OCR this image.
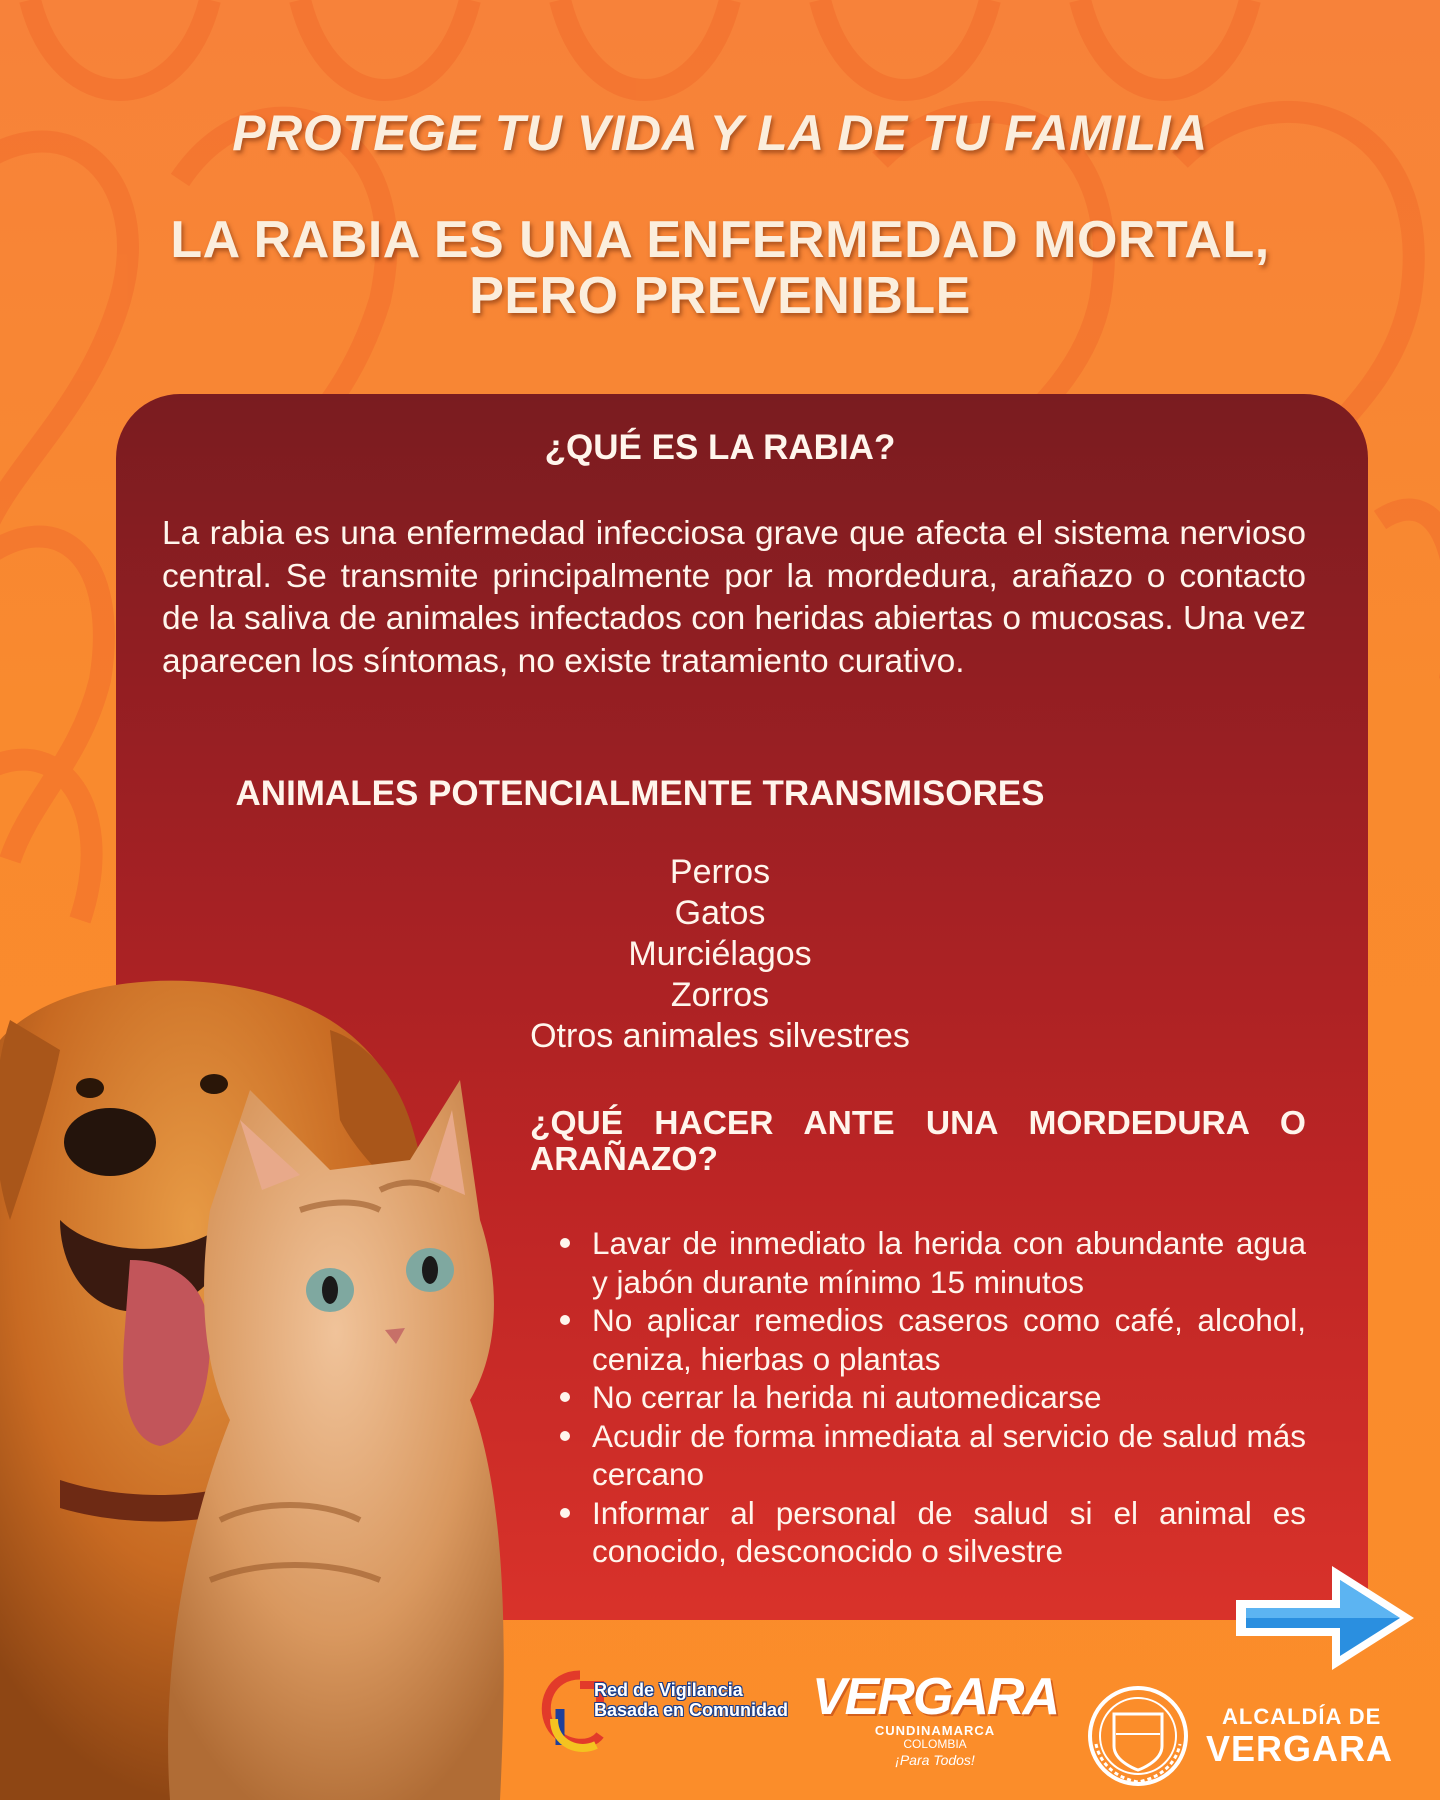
PROTEGE TU VIDA Y LA DE TU FAMILIA
LA RABIA ES UNA ENFERMEDAD MORTAL,
PERO PREVENIBLE
¿QUÉ ES LA RABIA?
La rabia es una enfermedad infecciosa grave que afecta el sistema nervioso central. Se transmite principalmente por la mordedura, arañazo o contacto de la saliva de animales infectados con heridas abiertas o mucosas. Una vez aparecen los síntomas, no existe tratamiento curativo.
ANIMALES POTENCIALMENTE TRANSMISORES
Perros
Gatos
Murciélagos
Zorros
Otros animales silvestres
¿QUÉ HACER ANTE UNA MORDEDURA O ARAÑAZO?
Lavar de inmediato la herida con abundante agua y jabón durante mínimo 15 minutos
No aplicar remedios caseros como café, alcohol, ceniza, hierbas o plantas
No cerrar la herida ni automedicarse
Acudir de forma inmediata al servicio de salud más cercano
Informar al personal de salud si el animal es conocido, desconocido o silvestre
Red de Vigilancia
Basada en Comunidad VERGARA
CUNDINAMARCA
COLOMBIA
¡Para Todos!
ALCALDÍA DE
VERGARA
